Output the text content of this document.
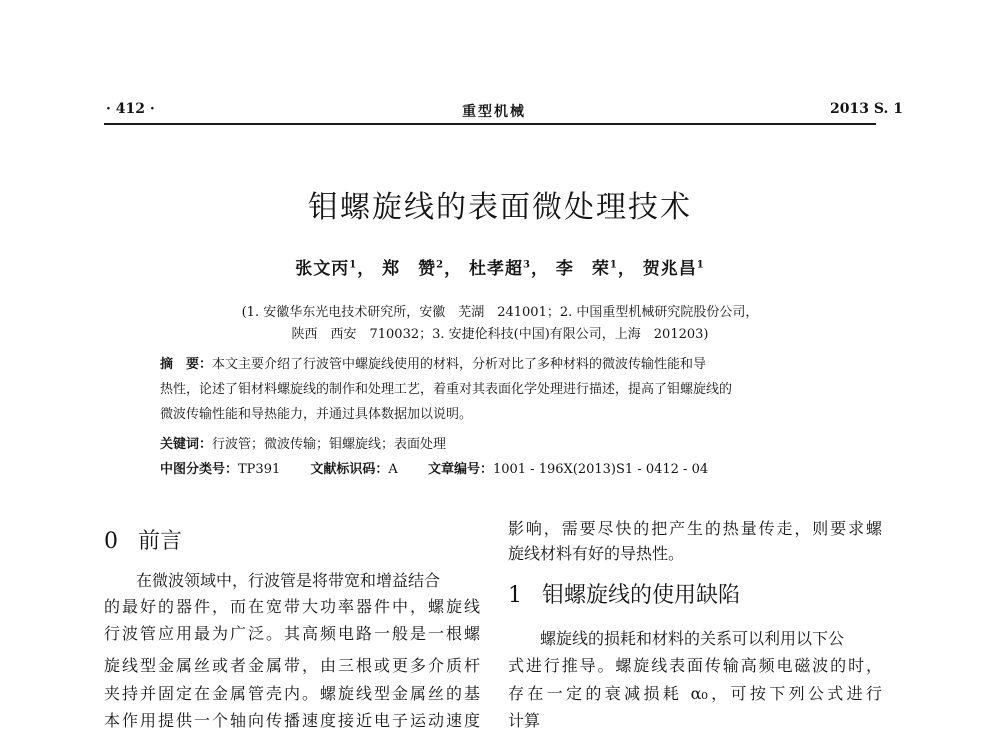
· 412 ·	重型机械	2013 S. 1
钼螺旋线的表面微处理技术
张文丙$^1$， 郑　赞$^2$， 杜孝超$^3$， 李　荣$^1$， 贺兆昌$^1$
(1. 安徽华东光电技术研究所，安徽　芜湖　241001；2. 中国重型机械研究院股份公司，
陕西　西安　710032；3. 安捷伦科技(中国)有限公司，上海　201203)
摘　要：本文主要介绍了行波管中螺旋线使用的材料，分析对比了多种材料的微波传输性能和导
热性，论述了钼材料螺旋线的制作和处理工艺，着重对其表面化学处理进行描述，提高了钼螺旋线的
微波传输性能和导热能力，并通过具体数据加以说明。
关键词：行波管；微波传输；钼螺旋线；表面处理
中图分类号：TP391 文献标识码：A 文章编号：1001 - 196X(2013)S1 - 0412 - 04
0 前言
在微波领域中，行波管是将带宽和增益结合
的最好的器件，而在宽带大功率器件中，螺旋线
行波管应用最为广泛。其高频电路一般是一根螺
旋线型金属丝或者金属带，由三根或更多介质杆
夹持并固定在金属管壳内。螺旋线型金属丝的基
本作用提供一个轴向传播速度接近电子运动速度
影响，需要尽快的把产生的热量传走，则要求螺
旋线材料有好的导热性。
1 钼螺旋线的使用缺陷
螺旋线的损耗和材料的关系可以利用以下公
式进行推导。螺旋线表面传输高频电磁波的时，
存在一定的衰减损耗 α₀，可按下列公式进行
计算
